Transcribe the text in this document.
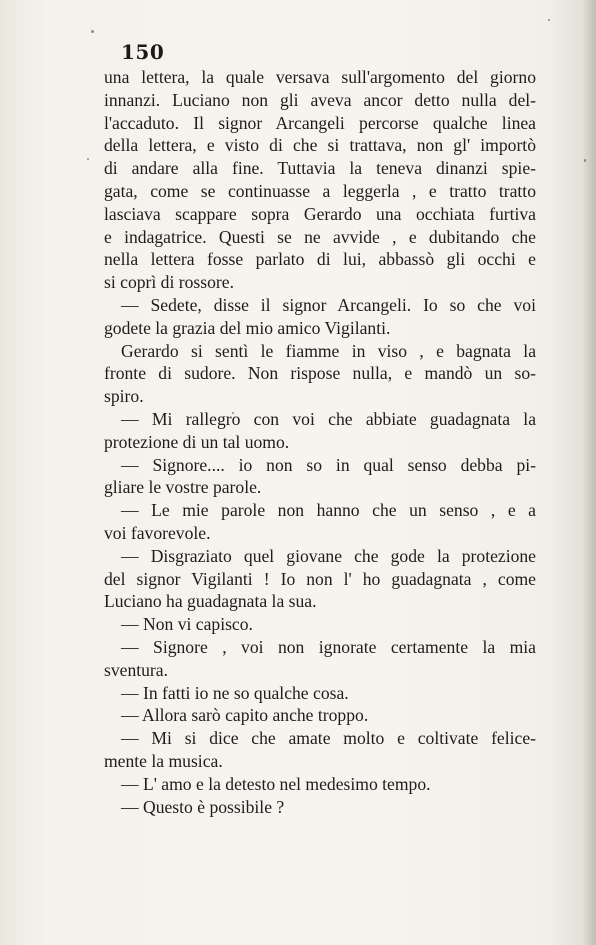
150
una lettera, la quale versava sull'argomento del giorno
innanzi. Luciano non gli aveva ancor detto nulla del-
l'accaduto. Il signor Arcangeli percorse qualche linea
della lettera, e visto di che si trattava, non gl' importò
di andare alla fine. Tuttavia la teneva dinanzi spie-
gata, come se continuasse a leggerla , e tratto tratto
lasciava scappare sopra Gerardo una occhiata furtiva
e indagatrice. Questi se ne avvide , e dubitando che
nella lettera fosse parlato di lui, abbassò gli occhi e
si coprì di rossore.
— Sedete, disse il signor Arcangeli. Io so che voi
godete la grazia del mio amico Vigilanti.
Gerardo si sentì le fiamme in viso , e bagnata la
fronte di sudore. Non rispose nulla, e mandò un so-
spiro.
— Mi rallegro con voi che abbiate guadagnata la
protezione di un tal uomo.
— Signore.... io non so in qual senso debba pi-
gliare le vostre parole.
— Le mie parole non hanno che un senso , e a
voi favorevole.
— Disgraziato quel giovane che gode la protezione
del signor Vigilanti ! Io non l' ho guadagnata , come
Luciano ha guadagnata la sua.
— Non vi capisco.
— Signore , voi non ignorate certamente la mia
sventura.
— In fatti io ne so qualche cosa.
— Allora sarò capito anche troppo.
— Mi si dice che amate molto e coltivate felice-
mente la musica.
— L' amo e la detesto nel medesimo tempo.
— Questo è possibile ?
